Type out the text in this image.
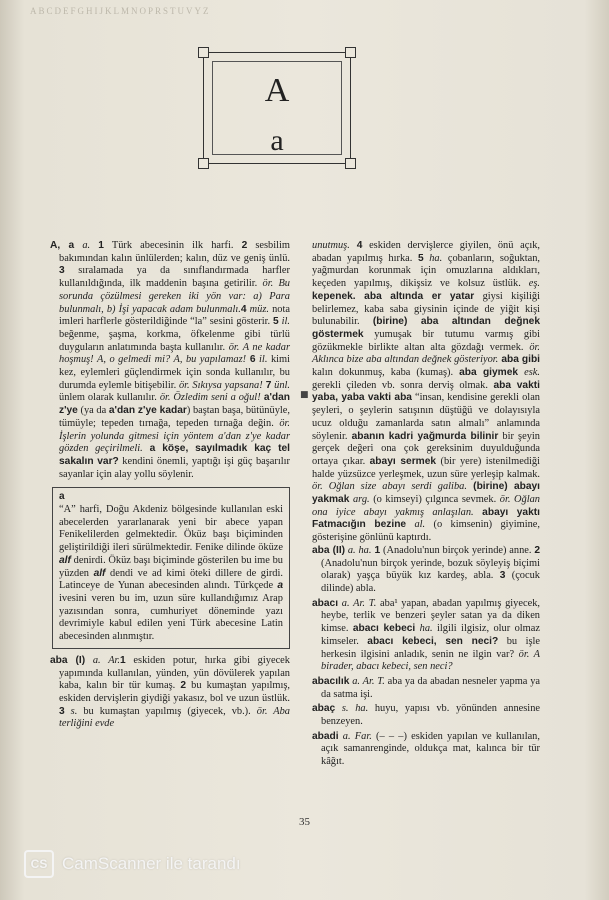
ABCDEFGHIJKLMNOPRSTUVYZ
A
a

A, a a. 1 Türk abecesinin ilk harfi. 2 sesbilim bakımından kalın ünlülerden; kalın, düz ve geniş ünlü. 3 sıralamada ya da sınıflandırmada harfler kullanıldığında, ilk maddenin başına getirilir. ör. Bu sorunda çözülmesi gereken iki yön var: a) Para bulunmalı, b) İşi yapacak adam bulunmalı.4 müz. nota imleri harflerle gösterildiğinde “la” sesini gösterir. 5 il. beğenme, şaşma, korkma, öfkelenme gibi türlü duyguların anlatımında başta kullanılır. ör. A ne kadar hoşmuş! A, o gelmedi mi? A, bu yapılamaz! 6 il. kimi kez, eylemleri güçlendirmek için sonda kullanılır, bu durumda eylemle bitişebilir. ör. Sıkıysa yapsana! 7 ünl. ünlem olarak kullanılır. ör. Özledim seni a oğul! a'dan z'ye (ya da a'dan z'ye kadar) baştan başa, bütünüyle, tümüyle; tepeden tırnağa, tepeden tırnağa değin. ör. İşlerin yolunda gitmesi için yöntem a'dan z'ye kadar gözden geçirilmeli. a köşe, sayılmadık kaç tel sakalın var? kendini önemli, yaptığı işi güç başarılır sayanlar için alay yollu söylenir.

a
“A” harfi, Doğu Akdeniz bölgesinde kullanılan eski abecelerden yararlanarak yeni bir abece yapan Fenikelilerden gelmektedir. Öküz başı biçiminden geliştirildiği ileri sürülmektedir. Fenike dilinde öküze alf denirdi. Öküz başı biçiminde gösterilen bu ime bu yüzden alf dendi ve ad kimi öteki dillere de girdi. Latinceye de Yunan abecesinden alındı. Türkçede a ivesini veren bu im, uzun süre kullandığımız Arap yazısından sonra, cumhuriyet döneminde yazı devrimiyle kabul edilen yeni Türk abecesine Latin abecesinden alınmıştır.

aba (I) a. Ar.1 eskiden potur, hırka gibi giyecek yapımında kullanılan, yünden, yün dövülerek yapılan kaba, kalın bir tür kumaş. 2 bu kumaştan yapılmış, eskiden dervişlerin giydiği yakasız, bol ve uzun üstlük. 3 s. bu kumaştan yapılmış (giyecek, vb.). ör. Aba terliğini evde

■

unutmuş. 4 eskiden dervişlerce giyilen, önü açık, abadan yapılmış hırka. 5 ha. çobanların, soğuktan, yağmurdan korunmak için omuzlarına aldıkları, keçeden yapılmış, dikişsiz ve kolsuz üstlük. eş. kepenek. aba altında er yatar giysi kişiliği belirlemez, kaba saba giysinin içinde de yiğit kişi bulunabilir. (birine) aba altından değnek göstermek yumuşak bir tutumu varmış gibi gözükmekle birlikte altan alta gözdağı vermek. ör. Aklınca bize aba altından değnek gösteriyor. aba gibi kalın dokunmuş, kaba (kumaş). aba giymek esk. gerekli çileden vb. sonra derviş olmak. aba vakti yaba, yaba vakti aba “insan, kendisine gerekli olan şeyleri, o şeylerin satışının düştüğü ve dolayısıyla ucuz olduğu zamanlarda satın almalı” anlamında söylenir. abanın kadri yağmurda bilinir bir şeyin gerçek değeri ona çok gereksinim duyulduğunda ortaya çıkar. abayı sermek (bir yere) istenilmediği halde yüzsüzce yerleşmek, uzun süre yerleşip kalmak. ör. Oğlan size abayı serdi galiba. (birine) abayı yakmak arg. (o kimseyi) çılgınca sevmek. ör. Oğlan ona iyice abayı yakmış anlaşılan. abayı yaktı Fatmacığın bezine al. (o kimsenin) giyimine, gösterişine gönlünü kaptırdı.

aba (II) a. ha. 1 (Anadolu'nun birçok yerinde) anne. 2 (Anadolu'nun birçok yerinde, bozuk söyleyiş biçimi olarak) yaşça büyük kız kardeş, abla. 3 (çocuk dilinde) abla.

abacı a. Ar. T. aba¹ yapan, abadan yapılmış giyecek, heybe, terlik ve benzeri şeyler satan ya da diken kimse. abacı kebeci ha. ilgili ilgisiz, olur olmaz kimseler. abacı kebeci, sen neci? bu işle herkesin ilgisini anladık, senin ne ilgin var? ör. A birader, abacı kebeci, sen neci?

abacılık a. Ar. T. aba ya da abadan nesneler yapma ya da satma işi.

abaç s. ha. huyu, yapısı vb. yönünden annesine benzeyen.

abadi a. Far. (– – –) eskiden yapılan ve kullanılan, açık samanrenginde, oldukça mat, kalınca bir tür kâğıt.

35
CS CamScanner ile tarandı
